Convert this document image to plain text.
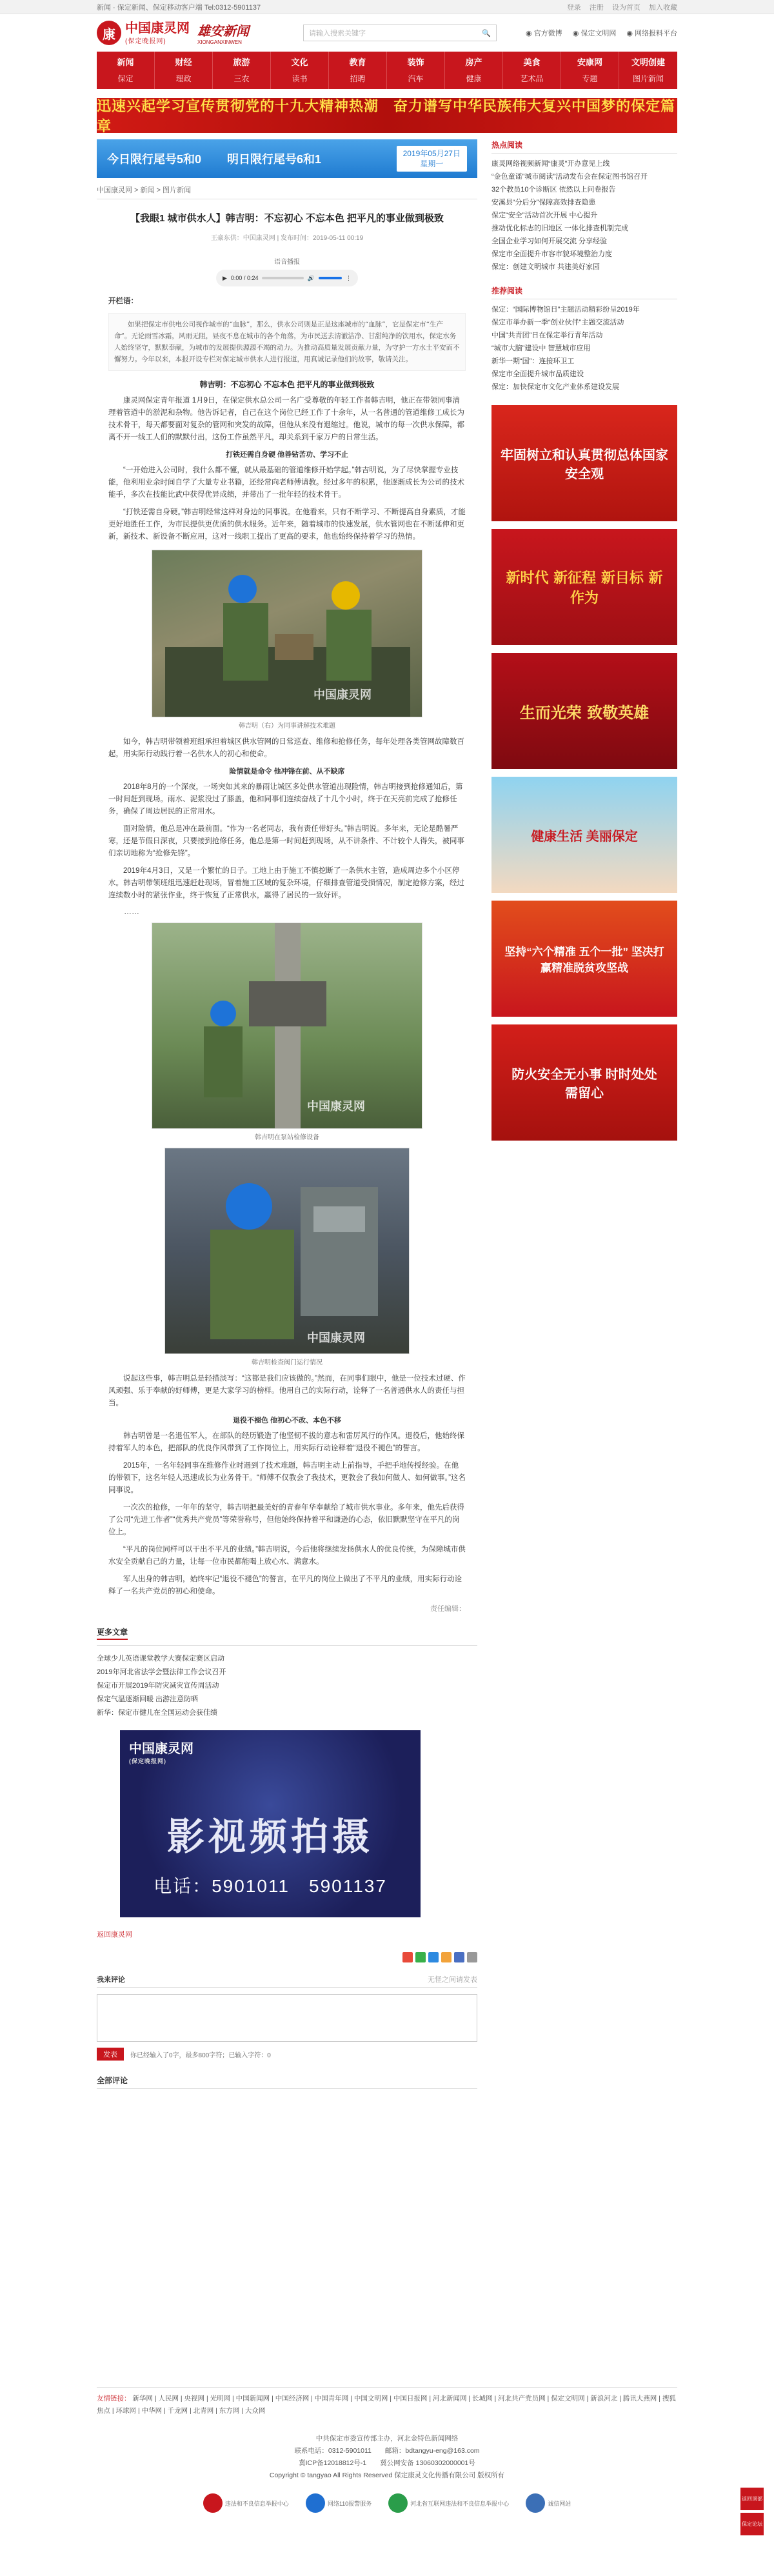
新闻 · 保定新闻、保定移动客户端 Tel:0312-5901137	登录 注册 设为首页 加入收藏
康 中国康灵网
(保定晚报网)
雄安新闻
XIONGANXINWEN
请输入搜索关键字	🔍	◉ 官方微博 ◉ 保定文明网 ◉ 网络报料平台
新闻
保定
财经
理政
旅游
三农
文化
读书
教育
招聘
装饰
汽车
房产
健康
美食
艺术品
安康网
专题
文明创建
图片新闻
迅速兴起学习宣传贯彻党的十九大精神热潮　奋力谱写中华民族伟大复兴中国梦的保定篇章
今日限行尾号5和0 明日限行尾号6和1	2019年05月27日
星期一
中国康灵网 > 新闻 > 图片新闻
【我眼1 城市供水人】韩吉明：不忘初心 不忘本色 把平凡的事业做到极致
王豪东供：中国康灵网 | 发布时间：2019-05-11 00:19
语音播报
▶ 0:00 / 0:24	🔊	⋮

开栏语：

如果把保定市供电公司视作城市的“血脉”，那么，供水公司则是正是这座城市的“血脉”，它是保定市“生产命”。无论雨雪冰霜，风雨无阻，昼夜不息在城市的各个角落，为市民送去清澈洁净、甘甜纯净的饮用水，保定水务人始终坚守，默默奉献，为城市的发展提供源源不竭的动力。为推动高质量发展贡献力量，为守护一方水土平安而不懈努力。今年以来，本报开设专栏对保定城市供水人进行报道，用真诚记录他们的故事，敬请关注。

韩吉明：不忘初心 不忘本色 把平凡的事业做到极致

康灵网保定青年报道 1月9日，在保定供水总公司一名广受尊敬的年轻工作者韩吉明，他正在带领同事清理着管道中的淤泥和杂物。他告诉记者，自己在这个岗位已经工作了十余年，从一名普通的管道维修工成长为技术骨干，每天都要面对复杂的管网和突发的故障，但他从来没有退缩过。他说，城市的每一次供水保障，都离不开一线工人们的默默付出，这份工作虽然平凡，却关系到千家万户的日常生活。

打铁还需自身硬 他善钻苦功、学习不止

“一开始进入公司时，我什么都不懂，就从最基础的管道维修开始学起。”韩吉明说，为了尽快掌握专业技能，他利用业余时间自学了大量专业书籍，还经常向老师傅请教。经过多年的积累，他逐渐成长为公司的技术能手，多次在技能比武中获得优异成绩，并带出了一批年轻的技术骨干。

“打铁还需自身硬。”韩吉明经常这样对身边的同事说。在他看来，只有不断学习、不断提高自身素质，才能更好地胜任工作，为市民提供更优质的供水服务。近年来，随着城市的快速发展，供水管网也在不断延伸和更新，新技术、新设备不断应用，这对一线职工提出了更高的要求，他也始终保持着学习的热情。

中国康灵网
韩吉明（右）为同事讲解技术难题

如今，韩吉明带领着班组承担着城区供水管网的日常巡查、维修和抢修任务，每年处理各类管网故障数百起，用实际行动践行着一名供水人的初心和使命。

险情就是命令 他冲锋在前、从不缺席

2018年8月的一个深夜，一场突如其来的暴雨让城区多处供水管道出现险情，韩吉明接到抢修通知后，第一时间赶到现场。雨水、泥浆没过了膝盖，他和同事们连续奋战了十几个小时，终于在天亮前完成了抢修任务，确保了周边居民的正常用水。

面对险情，他总是冲在最前面。“作为一名老同志，我有责任带好头。”韩吉明说。多年来，无论是酷暑严寒，还是节假日深夜，只要接到抢修任务，他总是第一时间赶到现场，从不讲条件、不计较个人得失，被同事们亲切地称为“抢修先锋”。

2019年4月3日，又是一个繁忙的日子。工地上由于施工不慎挖断了一条供水主管，造成周边多个小区停水。韩吉明带领班组迅速赶赴现场，冒着施工区域的复杂环境，仔细排查管道受损情况，制定抢修方案，经过连续数小时的紧张作业，终于恢复了正常供水，赢得了居民的一致好评。

……
中国康灵网
韩吉明在泵站检修设备
中国康灵网
韩吉明检查阀门运行情况

说起这些事，韩吉明总是轻描淡写：“这都是我们应该做的。”然而，在同事们眼中，他是一位技术过硬、作风顽强、乐于奉献的好师傅，更是大家学习的榜样。他用自己的实际行动，诠释了一名普通供水人的责任与担当。

退役不褪色 他初心不改、本色不移

韩吉明曾是一名退伍军人，在部队的经历锻造了他坚韧不拔的意志和雷厉风行的作风。退役后，他始终保持着军人的本色，把部队的优良作风带到了工作岗位上，用实际行动诠释着“退役不褪色”的誓言。

2015年，一名年轻同事在维修作业时遇到了技术难题，韩吉明主动上前指导，手把手地传授经验。在他的带领下，这名年轻人迅速成长为业务骨干。“师傅不仅教会了我技术，更教会了我如何做人、如何做事。”这名同事说。

一次次的抢修，一年年的坚守，韩吉明把最美好的青春年华奉献给了城市供水事业。多年来，他先后获得了公司“先进工作者”“优秀共产党员”等荣誉称号，但他始终保持着平和谦逊的心态，依旧默默坚守在平凡的岗位上。

“平凡的岗位同样可以干出不平凡的业绩。”韩吉明说，今后他将继续发扬供水人的优良传统，为保障城市供水安全贡献自己的力量，让每一位市民都能喝上放心水、满意水。

军人出身的韩吉明，始终牢记“退役不褪色”的誓言，在平凡的岗位上做出了不平凡的业绩，用实际行动诠释了一名共产党员的初心和使命。

责任编辑：
更多文章
全球少儿英语课堂教学大赛保定赛区启动
2019年河北省法学会暨法律工作会议召开
保定市开展2019年防灾减灾宣传周活动
保定气温逐渐回暖 出游注意防晒
新华：保定市健儿在全国运动会获佳绩
中国康灵网
(保定晚报网)
影视频拍摄
电话：5901011　5901137
返回康灵网
我来评论	无怪之间请发表
发表	你已经输入了0字，最多800字符；已输入字符：0
全部评论
热点阅读
康灵网络视频新闻“康灵”开办意见上线
“金色童谣”城市阅读”活动发布会在保定图书馆召开
32个教员10个诊断区 依然以上问卷报告
安溪县“分后分”保障高效排查隐患
保定“安全”活动首次开展 中心提升
推动优化标志的旧地区 一体化排查机制完成
全国企业学习如何开展交流 分享经验
保定市全面提升市容市貌环境整治力度
保定：创建文明城市 共建美好家园
推荐阅读
保定：“国际博物馆日”主题活动精彩纷呈2019年
保定市举办新一季“创业伙伴”主题交流活动
中国“共青团”日在保定举行青年活动
“城市大脑”建设中 智慧城市应用
新华一期“国”：连接环卫工
保定市全面提升城市品质建设
保定：加快保定市文化产业体系建设发展
牢固树立和认真贯彻总体国家安全观
新时代 新征程 新目标 新作为
生而光荣 致敬英雄
健康生活 美丽保定
坚持“六个精准 五个一批” 坚决打赢精准脱贫攻坚战
防火安全无小事 时时处处需留心
友情链接： 新华网 | 人民网 | 央视网 | 光明网 | 中国新闻网 | 中国经济网 | 中国青年网 | 中国文明网 | 中国日报网 | 河北新闻网 | 长城网 | 河北共产党员网 | 保定文明网 | 新浪河北 | 腾讯大燕网 | 搜狐焦点 | 环球网 | 中华网 | 千龙网 | 北青网 | 东方网 | 大众网
中共保定市委宣传部主办，河北金特色新闻网络
联系电话：0312-5901011　　邮箱：bdtangyu-eng@163.com
冀ICP备12018812号-1　　冀公网安备 13060302000001号
Copyright © tangyao All Rights Reserved 保定康灵文化传播有限公司 版权所有
违法和不良信息举报中心	网络110报警服务	河北省互联网违法和不良信息举报中心	诚信网站
返回顶部
保定论坛
